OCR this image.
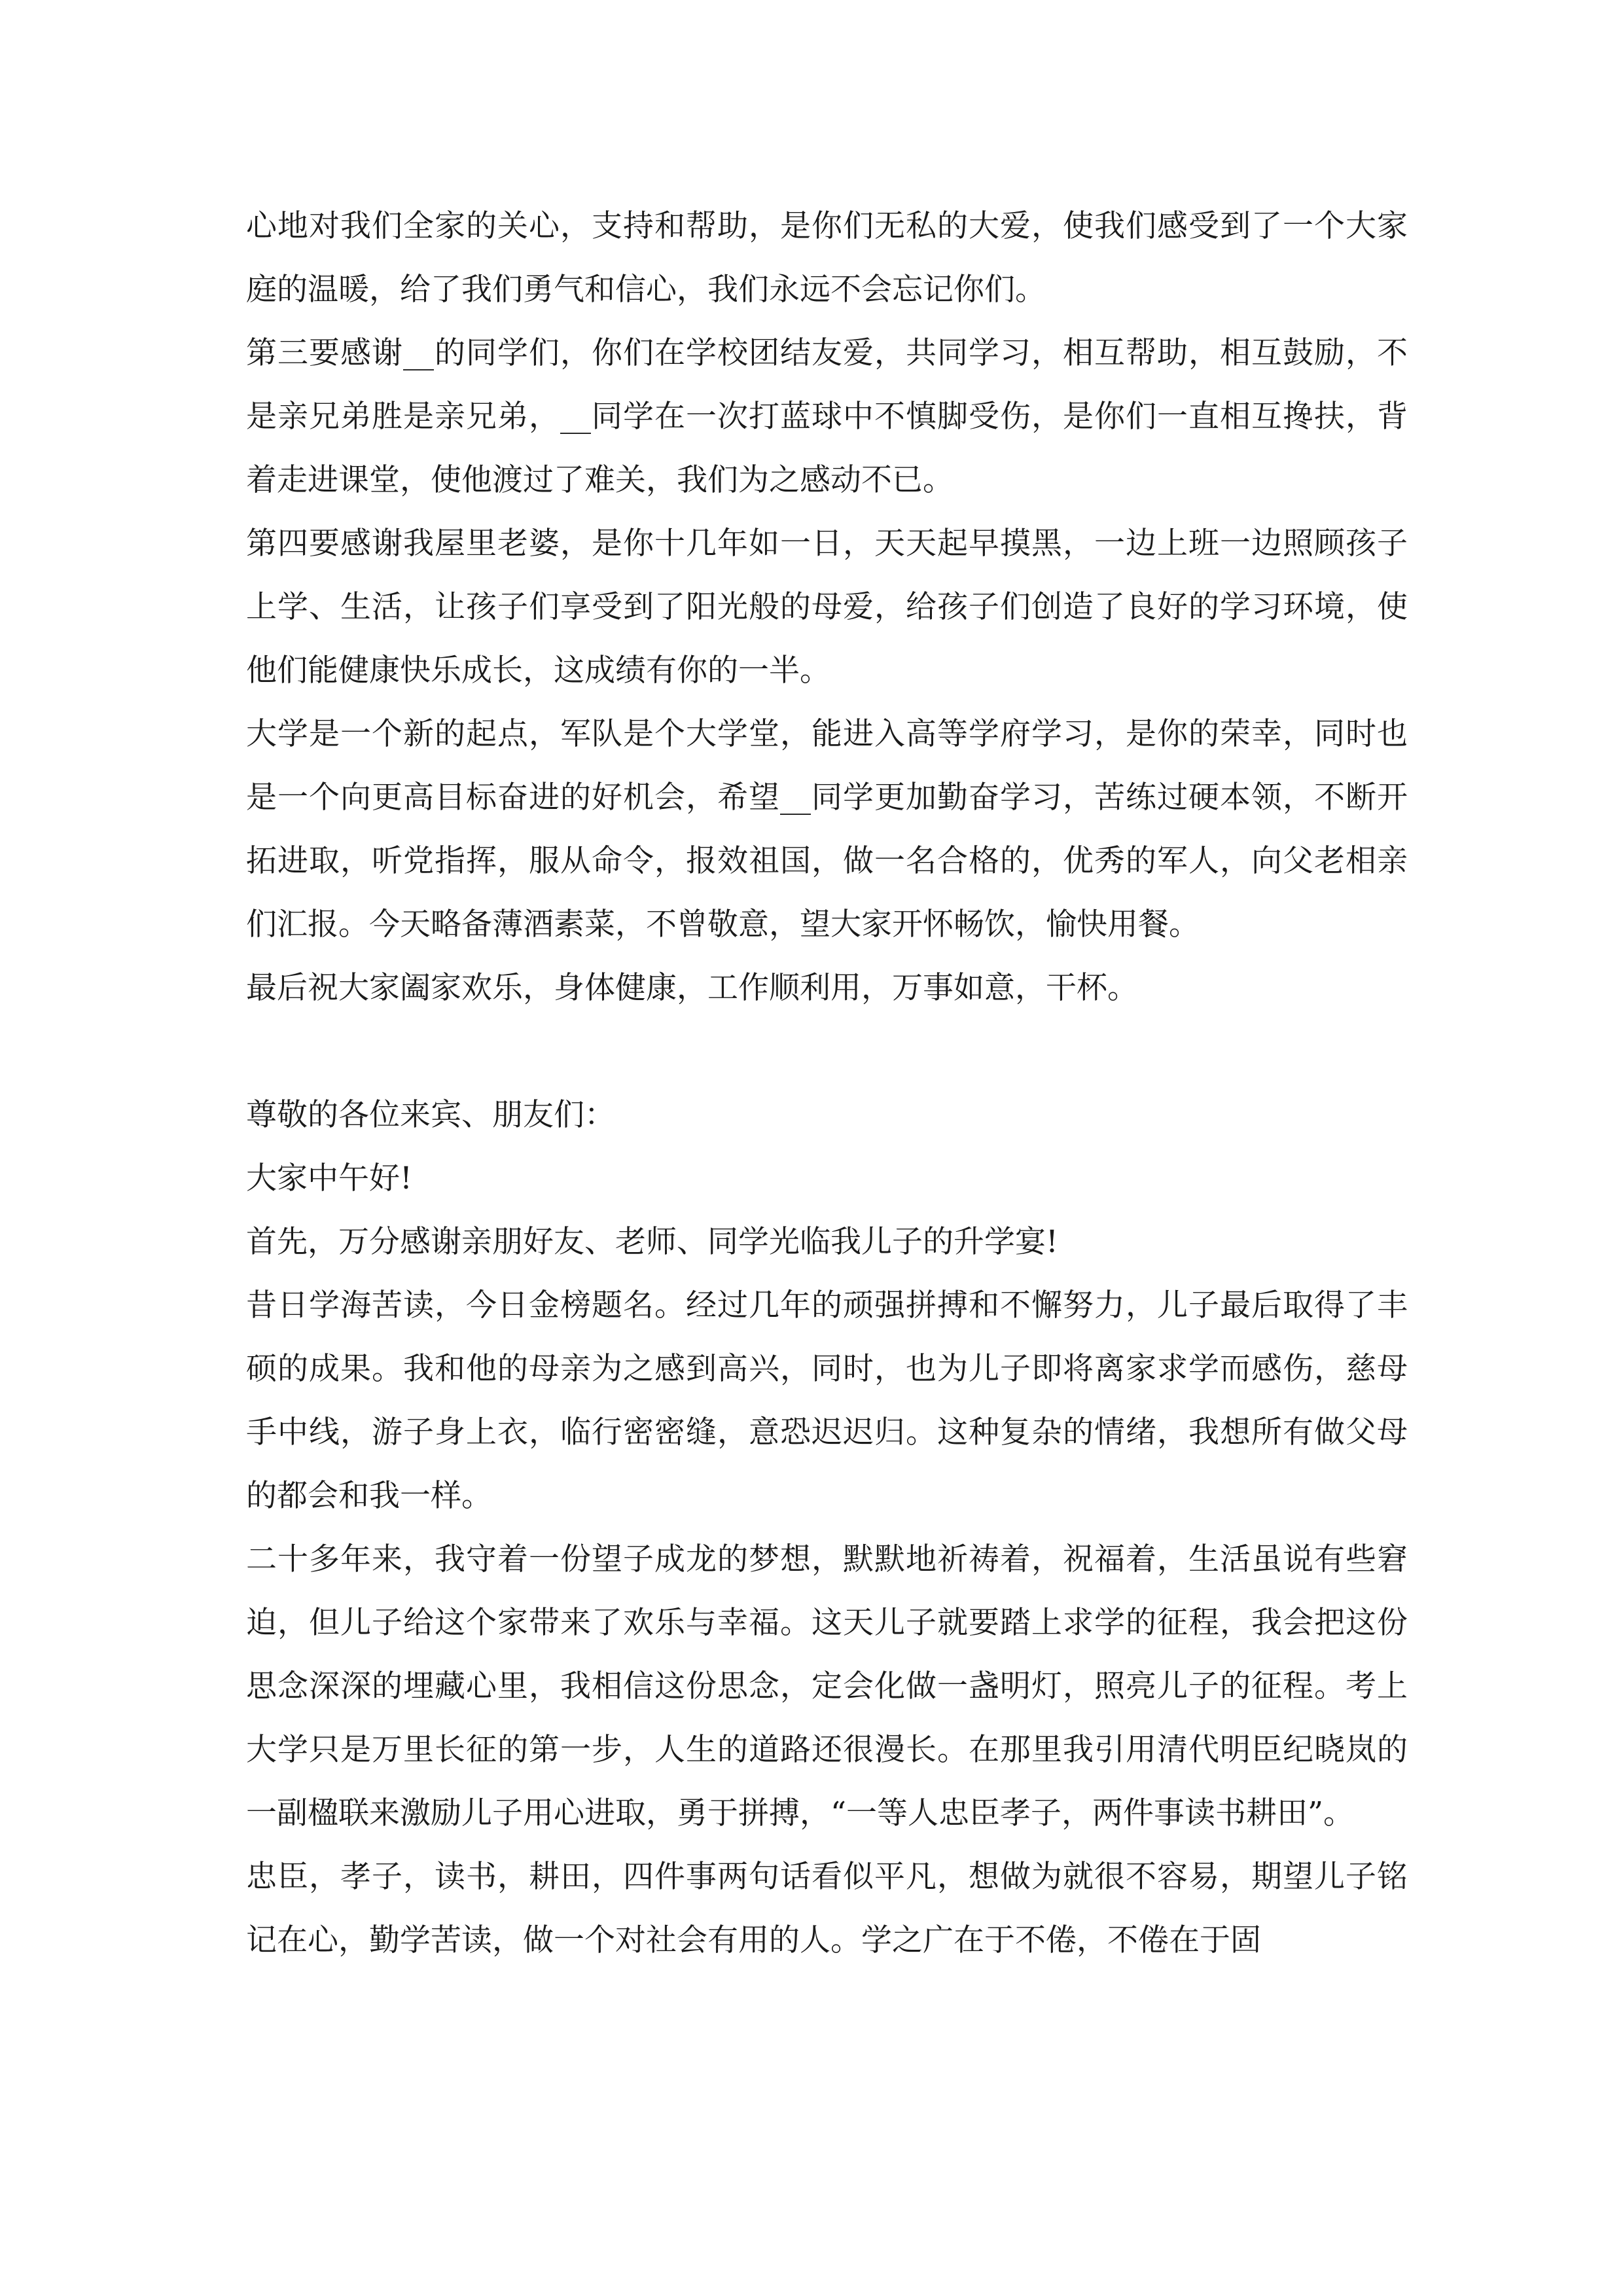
心地对我们全家的关心，支持和帮助，是你们无私的大爱，使我们感受到了一个大家庭的温暖，给了我们勇气和信心，我们永远不会忘记你们。

第三要感谢__的同学们，你们在学校团结友爱，共同学习，相互帮助，相互鼓励，不是亲兄弟胜是亲兄弟，__同学在一次打蓝球中不慎脚受伤，是你们一直相互搀扶，背着走进课堂，使他渡过了难关，我们为之感动不已。

第四要感谢我屋里老婆，是你十几年如一日，天天起早摸黑，一边上班一边照顾孩子上学、生活，让孩子们享受到了阳光般的母爱，给孩子们创造了良好的学习环境，使他们能健康快乐成长，这成绩有你的一半。

大学是一个新的起点，军队是个大学堂，能进入高等学府学习，是你的荣幸，同时也是一个向更高目标奋进的好机会，希望__同学更加勤奋学习，苦练过硬本领，不断开拓进取，听党指挥，服从命令，报效祖国，做一名合格的，优秀的军人，向父老相亲们汇报。今天略备薄酒素菜，不曾敬意，望大家开怀畅饮，愉快用餐。

最后祝大家阖家欢乐，身体健康，工作顺利用，万事如意，干杯。

尊敬的各位来宾、朋友们：

大家中午好!

首先，万分感谢亲朋好友、老师、同学光临我儿子的升学宴!

昔日学海苦读，今日金榜题名。经过几年的顽强拼搏和不懈努力，儿子最后取得了丰硕的成果。我和他的母亲为之感到高兴，同时，也为儿子即将离家求学而感伤，慈母手中线，游子身上衣，临行密密缝，意恐迟迟归。这种复杂的情绪，我想所有做父母的都会和我一样。

二十多年来，我守着一份望子成龙的梦想，默默地祈祷着，祝福着，生活虽说有些窘迫，但儿子给这个家带来了欢乐与幸福。这天儿子就要踏上求学的征程，我会把这份思念深深的埋藏心里，我相信这份思念，定会化做一盏明灯，照亮儿子的征程。考上大学只是万里长征的第一步，人生的道路还很漫长。在那里我引用清代明臣纪晓岚的一副楹联来激励儿子用心进取，勇于拼搏，“一等人忠臣孝子，两件事读书耕田”。

忠臣，孝子，读书，耕田，四件事两句话看似平凡，想做为就很不容易，期望儿子铭记在心，勤学苦读，做一个对社会有用的人。学之广在于不倦，不倦在于固
